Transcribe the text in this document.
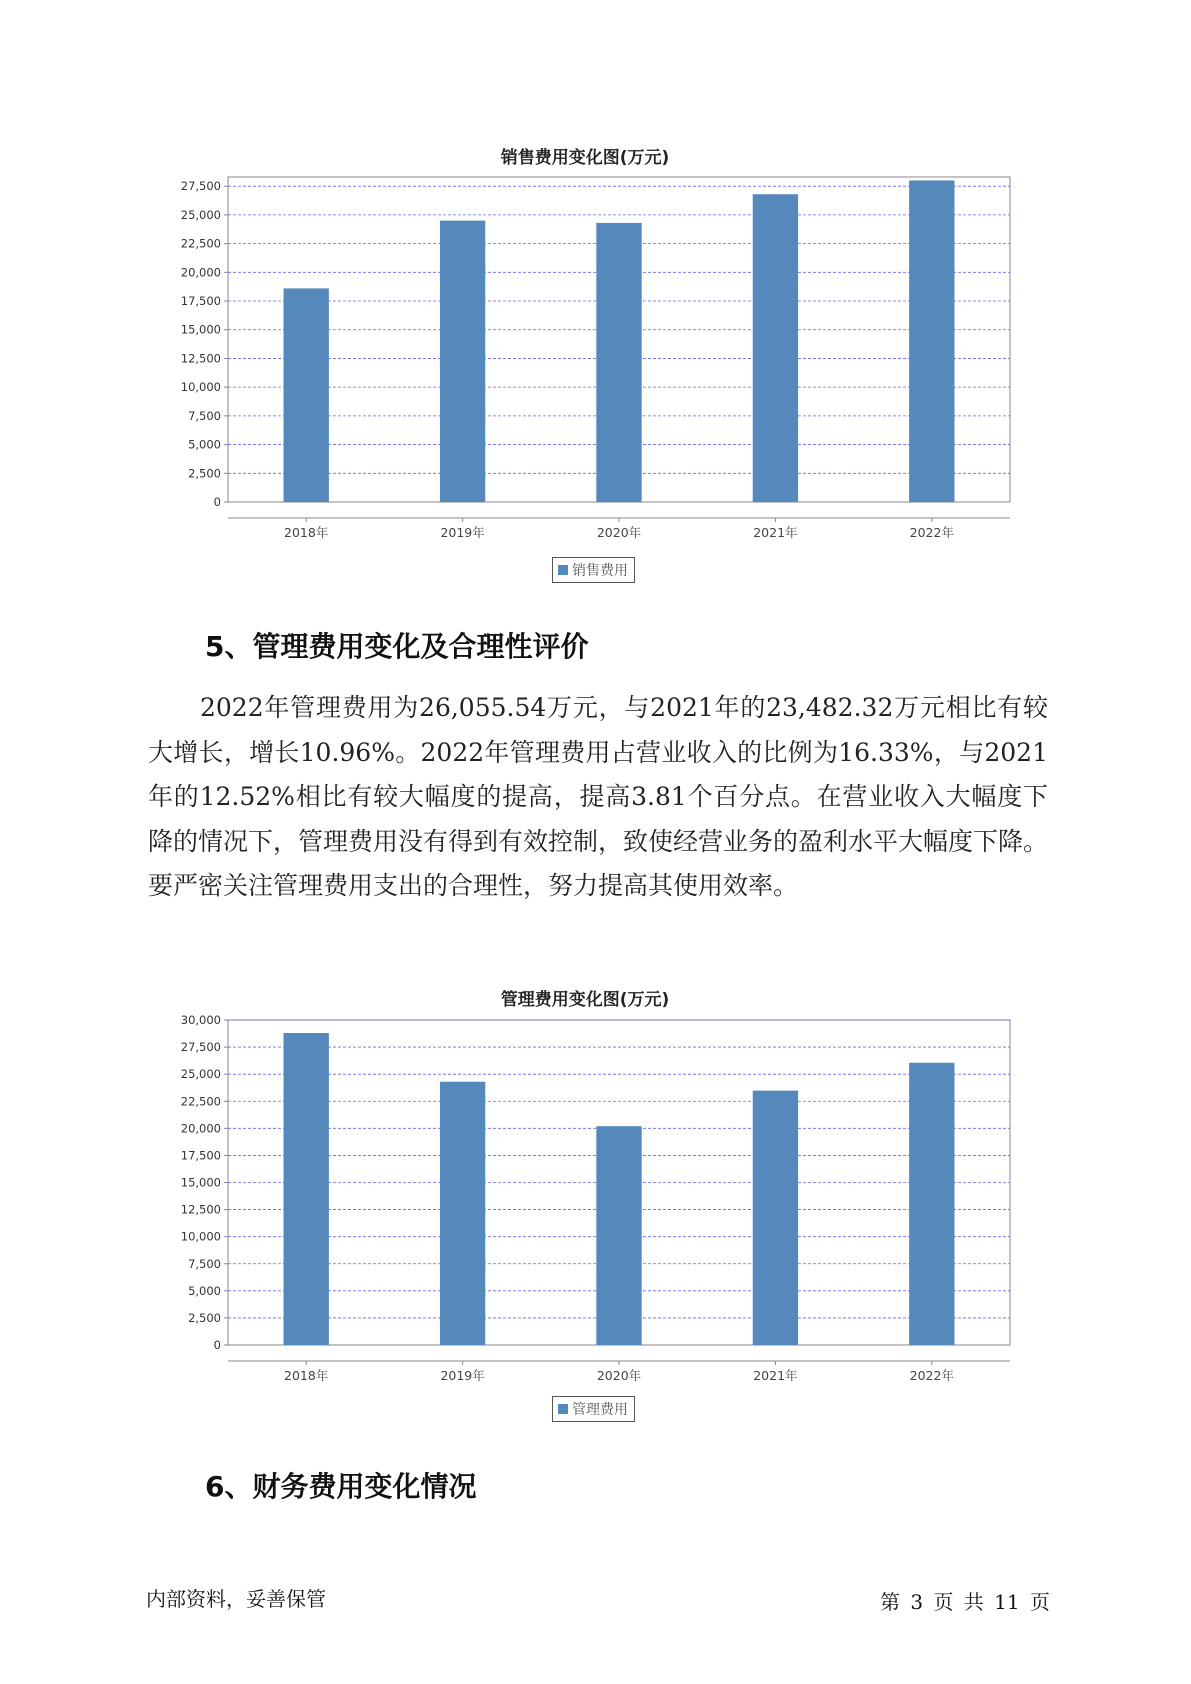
销售费用变化图(万元)
0
2,500
5,000
7,500
10,000
12,500
15,000
17,500
20,000
22,500
25,000
27,500
2018年	2019年	2020年	2021年	2022年
销售费用
5、管理费用变化及合理性评价
2022年管理费用为26,055.54万元，与2021年的23,482.32万元相比有较大增长，增长10.96%。2022年管理费用占营业收入的比例为16.33%，与2021年的12.52%相比有较大幅度的提高，提高3.81个百分点。在营业收入大幅度下降的情况下，管理费用没有得到有效控制，致使经营业务的盈利水平大幅度下降。要严密关注管理费用支出的合理性，努力提高其使用效率。
管理费用变化图(万元)
0
2,500
5,000
7,500
10,000
12,500
15,000
17,500
20,000
22,500
25,000
27,500
30,000
2018年	2019年	2020年	2021年	2022年
管理费用
6、财务费用变化情况
内部资料，妥善保管	第 3 页 共 11 页
